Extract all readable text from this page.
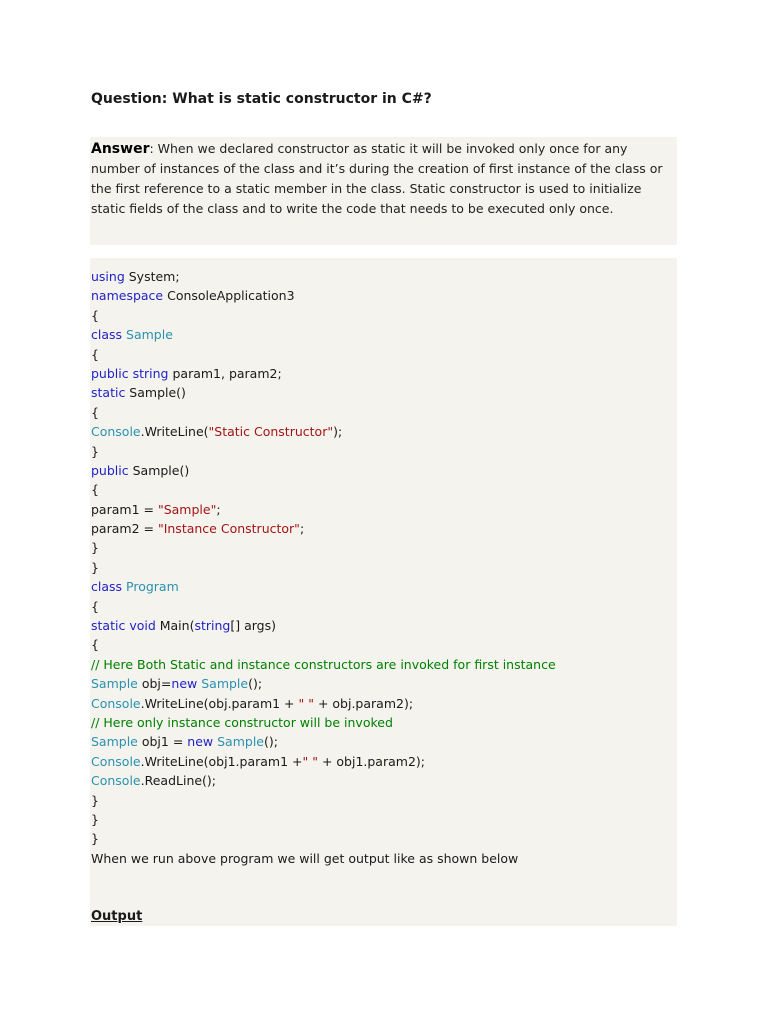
Question: What is static constructor in C#?

Answer: When we declared constructor as static it will be invoked only once for any number of instances of the class and it’s during the creation of first instance of the class or the first reference to a static member in the class. Static constructor is used to initialize static fields of the class and to write the code that needs to be executed only once.

using System;
namespace ConsoleApplication3
{
class Sample
{
public string param1, param2;
static Sample()
{
Console.WriteLine("Static Constructor");
}
public Sample()
{
param1 = "Sample";
param2 = "Instance Constructor";
}
}
class Program
{
static void Main(string[] args)
{
// Here Both Static and instance constructors are invoked for first instance
Sample obj=new Sample();
Console.WriteLine(obj.param1 + " " + obj.param2);
// Here only instance constructor will be invoked
Sample obj1 = new Sample();
Console.WriteLine(obj1.param1 +" " + obj1.param2);
Console.ReadLine();
}
}
}

When we run above program we will get output like as shown below

Output
